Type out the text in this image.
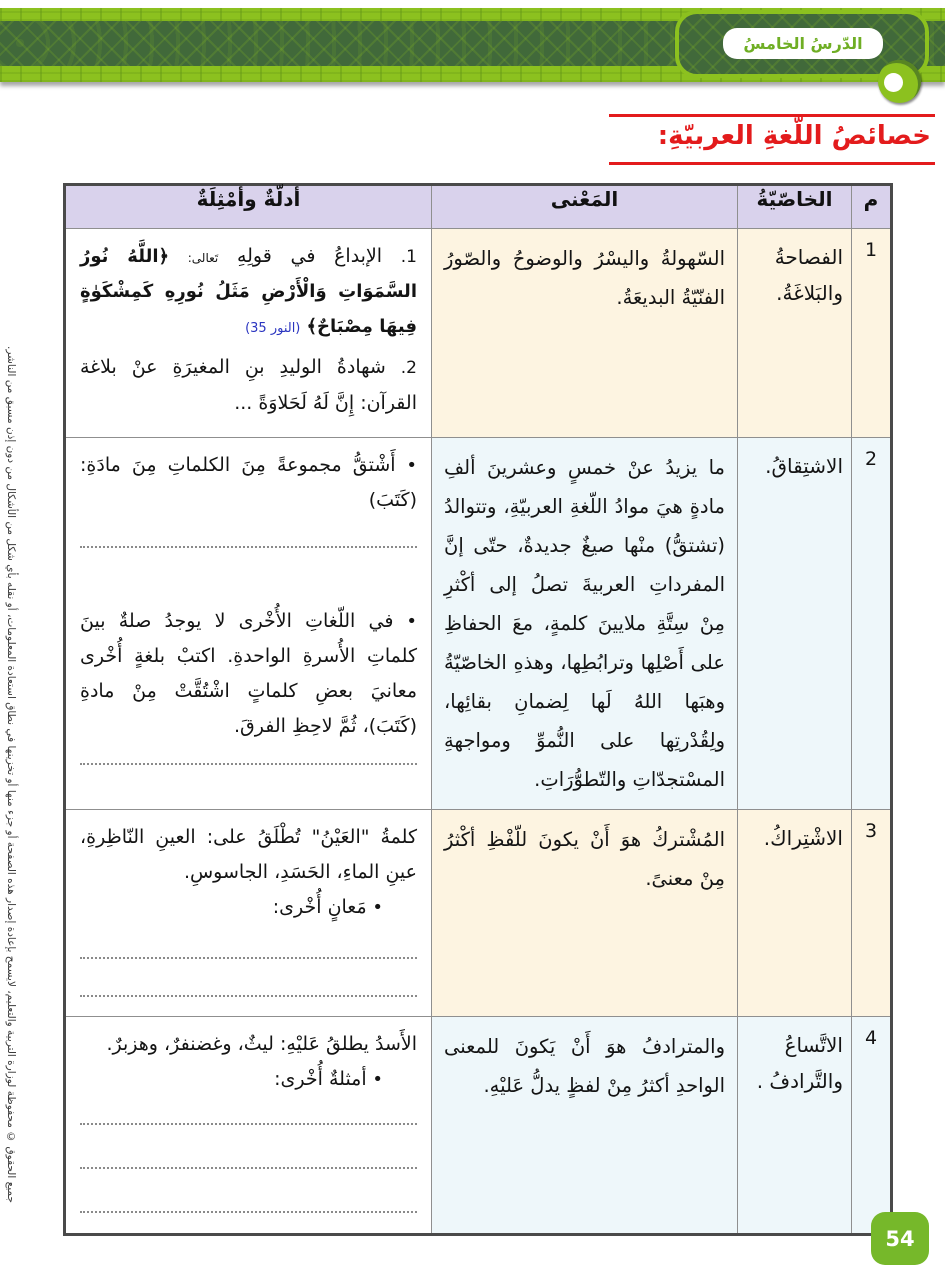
الدّرسُ الخامسُ
خصائصُ اللّغةِ العربيّةِ:
م	الخاصّيّةُ	المَعْنى	أدلّةٌ وأمْثِلَةٌ
1	الفصاحةُ والبَلاغَةُ.	السّهولةُ واليسْرُ والوضوحُ والصّورُ الفنّيّةُ البديعَةُ.	1. الإبداعُ في قولِهِ تَعالى: ﴿اللَّهُ نُورُ السَّمَوَاتِ وَالْأَرْضِ مَثَلُ نُورِهِ كَمِشْكَوٰةٍ فِيهَا مِصْبَاحٌ﴾ (النور 35)
2. شهادةُ الوليدِ بنِ المغيرَةِ عنْ بلاغة القرآن: إِنَّ لَهُ لَحَلاوَةً ...

2	الاشتِقاقُ.	ما يزيدُ عنْ خمسٍ وعشرينَ ألفِ مادةٍ هيَ موادُ اللّغةِ العربيّةِ، وتتوالدُ (تشتقُّ) منْها صيغٌ جديدةٌ، حتّى إنَّ المفرداتِ العربيةَ تصلُ إلى أكْثرِ مِنْ سِتَّةِ ملايينَ كلمةٍ، معَ الحفاظِ على أَصْلِها وترابُطِها، وهذهِ الخاصّيّةُ وهبَها اللهُ لَها لِضمانِ بقائِها، ولِقُدْرتِها على النُّموِّ ومواجهةِ المسْتجدّاتِ والتّطوُّرَاتِ.	
• أَشْتقُّ مجموعةً مِنَ الكلماتِ مِنَ مادَةِ: (كَتَبَ)
• في اللّغاتِ الأُخْرى لا يوجدُ صلةٌ بينَ كلماتِ الأُسرةِ الواحدةِ. اكتبْ بلغةٍ أُخْرى معانيَ بعضِ كلماتٍ اشْتُقَّتْ مِنْ مادةِ (كَتَبَ)، ثُمَّ لاحِظِ الفرقَ.

3	الاشْتِراكُ.	المُشْتركُ هوَ أَنْ يكونَ للّفْظِ أكْثرُ مِنْ معنىً.	كلمةُ "العَيْنُ" تُطْلَقُ على: العينِ النّاظِرةِ، عينِ الماءِ، الحَسَدِ، الجاسوسِ.
• مَعانٍ أُخْرى:

4	الاتَّساعُ والتَّرادفُ .	والمترادفُ هوَ أَنْ يَكونَ للمعنى الواحدِ أكثرُ مِنْ لفظٍ يدلُّ عَليْهِ.	الأَسدُ يطلقُ عَليْهِ: ليثٌ، وغضنفرٌ، وهزبرٌ.
• أمثلةٌ أُخْرى:
جميع الحقوق © محفوظة لوزارة التربية والتعليم، لايسمح بإعادة إصدار هذه الصفحة أو جزء منها أو تخزينها في نطاق استعادة المعلومات، أو نقله بأي شكل من الأشكال من دون إذن مسبق من الناشر.
54
